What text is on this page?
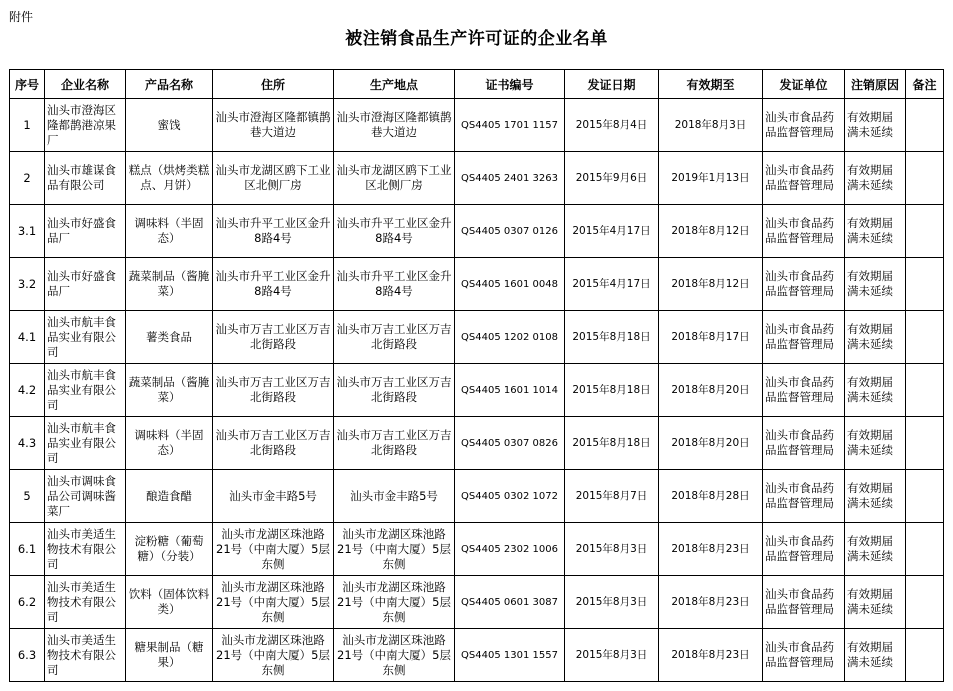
附件
被注销食品生产许可证的企业名单
序号	企业名称	产品名称	住所	生产地点	证书编号	发证日期	有效期至	发证单位	注销原因	备注
1	汕头市澄海区隆都鹊港凉果厂	蜜饯	汕头市澄海区隆都镇鹊巷大道边	汕头市澄海区隆都镇鹊巷大道边	QS4405 1701 1157	2015年8月4日	2018年8月3日	汕头市食品药品监督管理局	有效期届满未延续	
2	汕头市雄谋食品有限公司	糕点（烘烤类糕点、月饼）	汕头市龙湖区鸥下工业区北侧厂房	汕头市龙湖区鸥下工业区北侧厂房	QS4405 2401 3263	2015年9月6日	2019年1月13日	汕头市食品药品监督管理局	有效期届满未延续	
3.1	汕头市好盛食品厂	调味料（半固态）	汕头市升平工业区金升8路4号	汕头市升平工业区金升8路4号	QS4405 0307 0126	2015年4月17日	2018年8月12日	汕头市食品药品监督管理局	有效期届满未延续	
3.2	汕头市好盛食品厂	蔬菜制品（酱腌菜）	汕头市升平工业区金升8路4号	汕头市升平工业区金升8路4号	QS4405 1601 0048	2015年4月17日	2018年8月12日	汕头市食品药品监督管理局	有效期届满未延续	
4.1	汕头市航丰食品实业有限公司	薯类食品	汕头市万吉工业区万吉北街路段	汕头市万吉工业区万吉北街路段	QS4405 1202 0108	2015年8月18日	2018年8月17日	汕头市食品药品监督管理局	有效期届满未延续	
4.2	汕头市航丰食品实业有限公司	蔬菜制品（酱腌菜）	汕头市万吉工业区万吉北街路段	汕头市万吉工业区万吉北街路段	QS4405 1601 1014	2015年8月18日	2018年8月20日	汕头市食品药品监督管理局	有效期届满未延续	
4.3	汕头市航丰食品实业有限公司	调味料（半固态）	汕头市万吉工业区万吉北街路段	汕头市万吉工业区万吉北街路段	QS4405 0307 0826	2015年8月18日	2018年8月20日	汕头市食品药品监督管理局	有效期届满未延续	
5	汕头市调味食品公司调味酱菜厂	酿造食醋	汕头市金丰路5号	汕头市金丰路5号	QS4405 0302 1072	2015年8月7日	2018年8月28日	汕头市食品药品监督管理局	有效期届满未延续	
6.1	汕头市美适生物技术有限公司	淀粉糖（葡萄糖）（分装）	汕头市龙湖区珠池路21号（中南大厦）5层东侧	汕头市龙湖区珠池路21号（中南大厦）5层东侧	QS4405 2302 1006	2015年8月3日	2018年8月23日	汕头市食品药品监督管理局	有效期届满未延续	
6.2	汕头市美适生物技术有限公司	饮料（固体饮料类）	汕头市龙湖区珠池路21号（中南大厦）5层东侧	汕头市龙湖区珠池路21号（中南大厦）5层东侧	QS4405 0601 3087	2015年8月3日	2018年8月23日	汕头市食品药品监督管理局	有效期届满未延续	
6.3	汕头市美适生物技术有限公司	糖果制品（糖果）	汕头市龙湖区珠池路21号（中南大厦）5层东侧	汕头市龙湖区珠池路21号（中南大厦）5层东侧	QS4405 1301 1557	2015年8月3日	2018年8月23日	汕头市食品药品监督管理局	有效期届满未延续	
